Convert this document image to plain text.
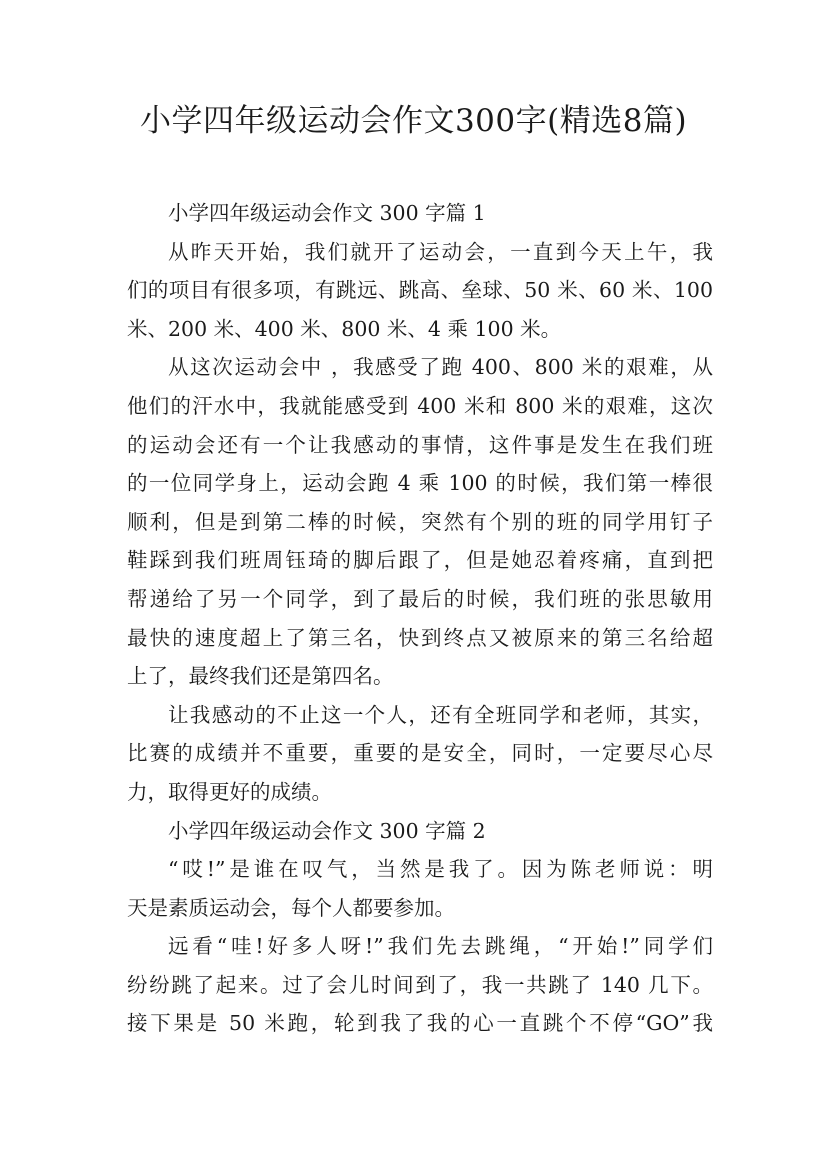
小学四年级运动会作文300字(精选8篇)
小学四年级运动会作文 300 字篇 1
从昨天开始，我们就开了运动会，一直到今天上午，我
们的项目有很多项，有跳远、跳高、垒球、50 米、60 米、100
米、200 米、400 米、800 米、4 乘 100 米。
从这次运动会中 ，我感受了跑 400、800 米的艰难，从
他们的汗水中，我就能感受到 400 米和 800 米的艰难，这次
的运动会还有一个让我感动的事情，这件事是发生在我们班
的一位同学身上，运动会跑 4 乘 100 的时候，我们第一棒很
顺利，但是到第二棒的时候，突然有个别的班的同学用钉子
鞋踩到我们班周钰琦的脚后跟了，但是她忍着疼痛，直到把
帮递给了另一个同学，到了最后的时候，我们班的张思敏用
最快的速度超上了第三名，快到终点又被原来的第三名给超
上了，最终我们还是第四名。
让我感动的不止这一个人，还有全班同学和老师，其实，
比赛的成绩并不重要，重要的是安全，同时，一定要尽心尽
力，取得更好的成绩。
小学四年级运动会作文 300 字篇 2
“哎!”是谁在叹气，当然是我了。因为陈老师说：明
天是素质运动会，每个人都要参加。
远看“哇!好多人呀!”我们先去跳绳，“开始!”同学们
纷纷跳了起来。过了会儿时间到了，我一共跳了 140 几下。
接下果是 50 米跑，轮到我了我的心一直跳个不停“GO”我
